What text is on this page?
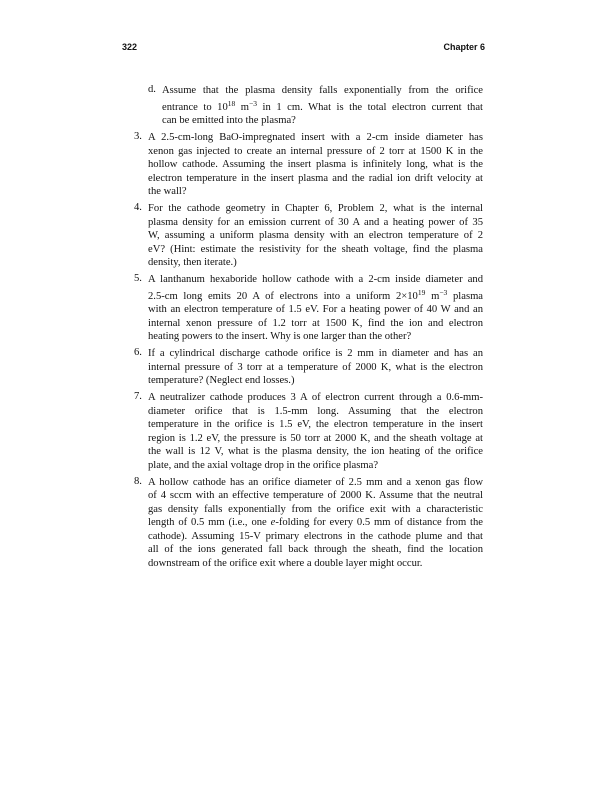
322	Chapter 6
d. Assume that the plasma density falls exponentially from the orifice
entrance to $10^{18}$ $m^{-3}$ in 1 cm. What is the total electron current that
can be emitted into the plasma?
3. A 2.5-cm-long BaO-impregnated insert with a 2-cm inside diameter has
xenon gas injected to create an internal pressure of 2 torr at 1500 K in the
hollow cathode. Assuming the insert plasma is infinitely long, what is the
electron temperature in the insert plasma and the radial ion drift velocity at
the wall?
4. For the cathode geometry in Chapter 6, Problem 2, what is the internal
plasma density for an emission current of 30 A and a heating power of 35
W, assuming a uniform plasma density with an electron temperature of 2
eV? (Hint: estimate the resistivity for the sheath voltage, find the plasma
density, then iterate.)
5. A lanthanum hexaboride hollow cathode with a 2-cm inside diameter and
2.5-cm long emits 20 A of electrons into a uniform $2\times 10^{19}$ $m^{-3}$ plasma
with an electron temperature of 1.5 eV. For a heating power of 40 W and an
internal xenon pressure of 1.2 torr at 1500 K, find the ion and electron
heating powers to the insert. Why is one larger than the other?
6. If a cylindrical discharge cathode orifice is 2 mm in diameter and has an
internal pressure of 3 torr at a temperature of 2000 K, what is the electron
temperature? (Neglect end losses.)
7. A neutralizer cathode produces 3 A of electron current through a 0.6-mm-
diameter orifice that is 1.5-mm long. Assuming that the electron
temperature in the orifice is 1.5 eV, the electron temperature in the insert
region is 1.2 eV, the pressure is 50 torr at 2000 K, and the sheath voltage at
the wall is 12 V, what is the plasma density, the ion heating of the orifice
plate, and the axial voltage drop in the orifice plasma?
8. A hollow cathode has an orifice diameter of 2.5 mm and a xenon gas flow
of 4 sccm with an effective temperature of 2000 K. Assume that the neutral
gas density falls exponentially from the orifice exit with a characteristic
length of 0.5 mm (i.e., one e-folding for every 0.5 mm of distance from the
cathode). Assuming 15-V primary electrons in the cathode plume and that
all of the ions generated fall back through the sheath, find the location
downstream of the orifice exit where a double layer might occur.
